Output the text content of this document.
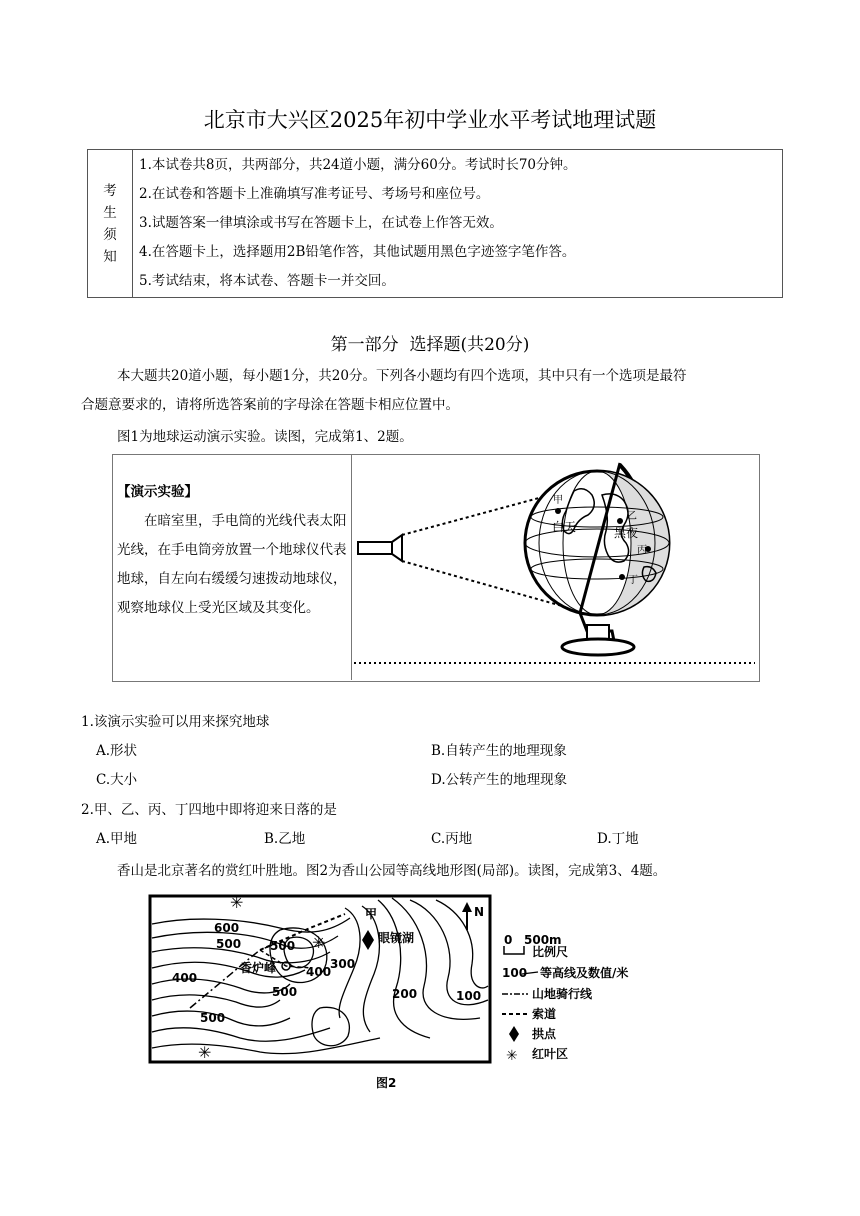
北京市大兴区2025年初中学业水平考试地理试题
考
生
须
知

1.本试卷共8页，共两部分，共24道小题，满分60分。考试时长70分钟。
2.在试卷和答题卡上准确填写准考证号、考场号和座位号。
3.试题答案一律填涂或书写在答题卡上，在试卷上作答无效。
4.在答题卡上，选择题用2B铅笔作答，其他试题用黑色字迹签字笔作答。
5.考试结束，将本试卷、答题卡一并交回。
第一部分  选择题(共20分)
本大题共20道小题，每小题1分，共20分。下列各小题均有四个选项，其中只有一个选项是最符
合题意要求的，请将所选答案前的字母涂在答题卡相应位置中。
图1为地球运动演示实验。读图，完成第1、2题。
【演示实验】
在暗室里，手电筒的光线代表太阳光线，在手电筒旁放置一个地球仪代表地球，自左向右缓缓匀速拨动地球仪，观察地球仪上受光区域及其变化。
甲
白天	黑夜
乙
丙
丁
1.该演示实验可以用来探究地球
A.形状	B.自转产生的地理现象
C.大小	D.公转产生的地理现象
2.甲、乙、丙、丁四地中即将迎来日落的是
A.甲地	B.乙地	C.丙地	D.丁地
香山是北京著名的赏红叶胜地。图2为香山公园等高线地形图(局部)。读图，完成第3、4题。
✳
✳
✳
甲
眼镜湖
香炉峰
600
500 500
500
500
400	400
300
200	100
N
0 500m
比例尺
100 等高线及数值/米
山地骑行线
索道
拱点
✳ 红叶区
图2
